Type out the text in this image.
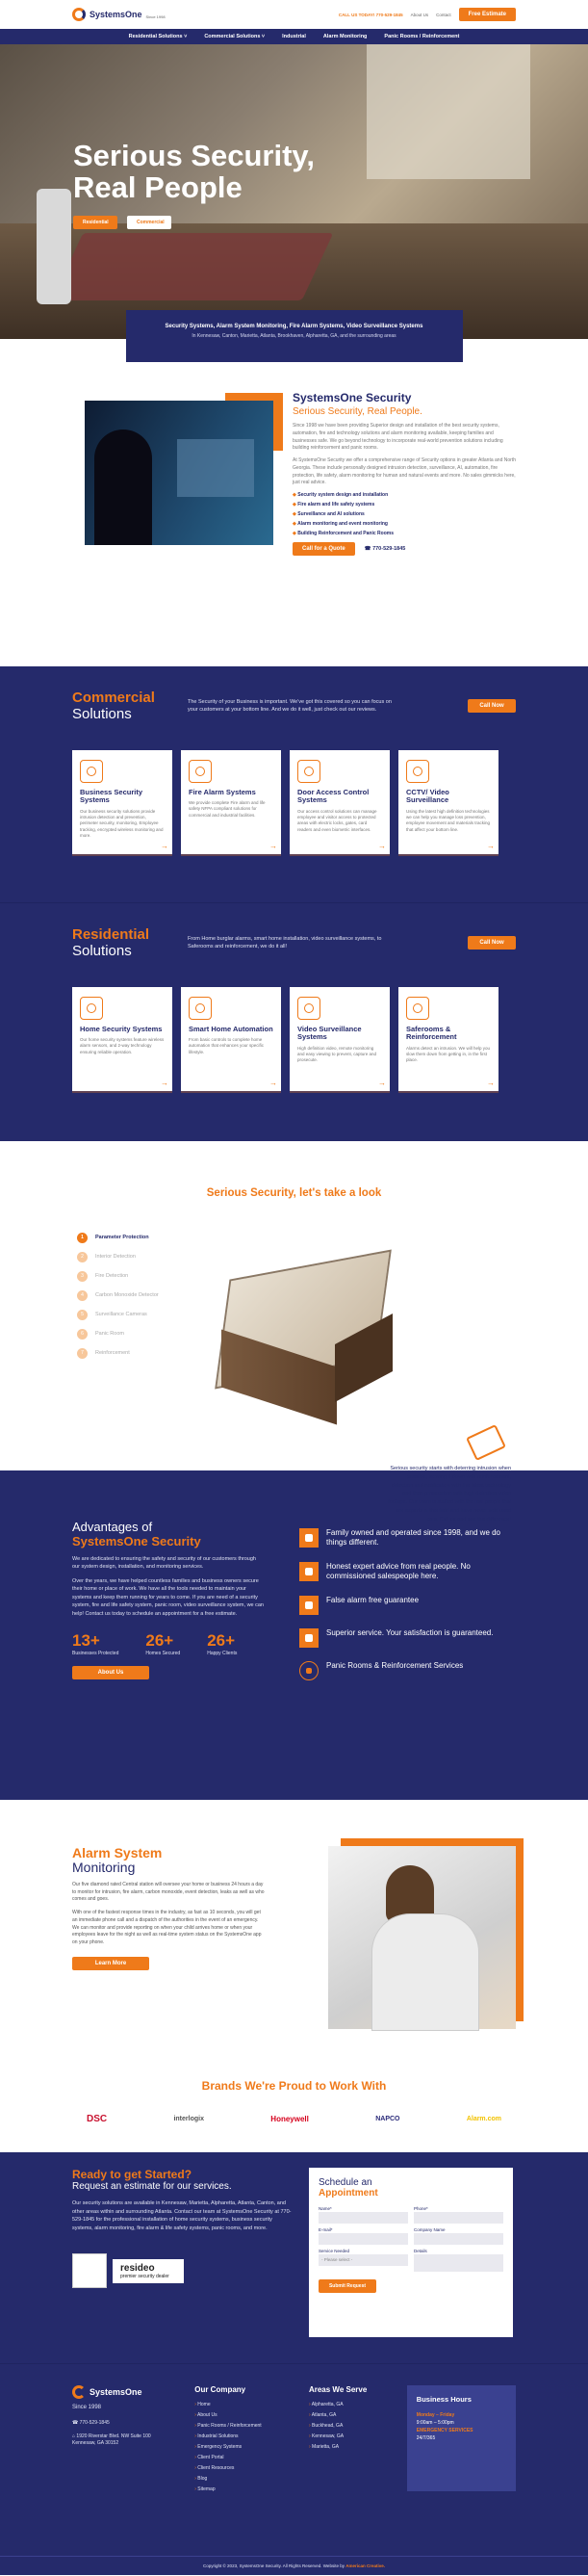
SystemsOne Since 1998	CALL US TODAY! 770-529-1845 About Us Contact	Free Estimate
Residential Solutions ˅	Commercial Solutions ˅	Industrial	Alarm Monitoring	Panic Rooms / Reinforcement
Serious Security,
Real People
Residential	Commercial
Security Systems, Alarm System Monitoring, Fire Alarm Systems, Video Surveillance Systems
In Kennesaw, Canton, Marietta, Atlanta, Brookhaven, Alpharetta, GA, and the surrounding areas
SystemsOne Security
Serious Security, Real People.

Since 1998 we have been providing Superior design and installation of the best security systems, automation, fire and technology solutions and alarm monitoring available, keeping families and businesses safe. We go beyond technology to incorporate real-world prevention solutions including building reinforcement and panic rooms.

At SystemsOne Security we offer a comprehensive range of Security options in greater Atlanta and North Georgia. These include personally designed intrusion detection, surveillance, AI, automation, fire protection, life safety, alarm monitoring for human and natural events and more. No sales gimmicks here, just real advice.

◆ Security system design and installation
◆ Fire alarm and life safety systems
◆ Surveillance and AI solutions
◆ Alarm monitoring and event monitoring
◆ Building Reinforcement and Panic Rooms
Call for a Quote	☎ 770-529-1845
Commercial
Solutions

The Security of your Business is important. We've got this covered so you can focus on your customers at your bottom line. And we do it well, just check out our reviews.

Call Now
Business Security Systems

Our business security solutions provide intrusion detection and prevention, perimeter security, monitoring, Employee tracking, encrypted wireless monitoring and more.

→
Fire Alarm Systems

We provide complete Fire alarm and life safety NFPA compliant solutions for commercial and industrial facilities.

→
Door Access Control Systems

Our access control solutions can manage employee and visitor access to protected areas with electric locks, gates, card readers and even biometric interfaces.

→
CCTV/ Video Surveillance

Using the latest high definition technologies we can help you manage loss prevention, employee movement and materials tracking that affect your bottom line.

→
Residential
Solutions

From Home burglar alarms, smart home installation, video surveillance systems, to Saferooms and reinforcement, we do it all!

Call Now
Home Security Systems

Our home security systems feature wireless alarm sensors, and 2-way technology ensuring reliable operation.

→
Smart Home Automation

From basic controls to complete home automation that enhances your specific lifestyle.

→
Video Surveillance Systems

High definition video, remote monitoring and easy viewing to prevent, capture and prosecute.

→
Saferooms & Reinforcement

Alarms detect an intrusion. We will help you slow them down from getting in, in the first place.

→
Serious Security, let's take a look
1	Parameter Protection
2	Interior Detection
3	Fire Detection
4	Carbon Monoxide Detector
5	Surveillance Cameras
6	Panic Room
7	Reinforcement

Serious security starts with deterring intrusion when possible, slowing it down with reinforcement, detection and notification with the latest technology and then prosecution with high definition video footage. Our team is staffed with the real people that are experts in this field and have never sold used cars. Call us and see the difference!

Advantages of
SystemsOne Security

We are dedicated to ensuring the safety and security of our customers through our system design, installation, and monitoring services.

Over the years, we have helped countless families and business owners secure their home or place of work. We have all the tools needed to maintain your systems and keep them running for years to come. If you are need of a security system, fire and life safety system, panic room, video surveillance system, we can help! Contact us today to schedule an appointment for a free estimate.

13+
Businesses Protected
26+
Homes Secured
26+
Happy Clients
About Us
Family owned and operated since 1998, and we do things different.
Honest expert advice from real people. No commissioned salespeople here.
False alarm free guarantee
Superior service. Your satisfaction is guaranteed.
Panic Rooms & Reinforcement Services
Alarm System
Monitoring

Our five diamond rated Central station will oversee your home or business 24 hours a day to monitor for intrusion, fire alarm, carbon monoxide, event detection, leaks as well as who comes and goes.

With one of the fastest response times in the industry, as fast as 10 seconds, you will get an immediate phone call and a dispatch of the authorities in the event of an emergency. We can monitor and provide reporting on when your child arrives home or when your employees leave for the night as well as real-time system status on the SystemsOne app on your phone.

Learn More
Brands We're Proud to Work With
DSC	interlogix	Honeywell	NAPCO	Alarm.com
Ready to get Started?
Request an estimate for our services.

Our security solutions are available in Kennesaw, Marietta, Alpharetta, Atlanta, Canton, and other areas within and surrounding Atlanta. Contact our team at SystemsOne Security at 770-529-1845 for the professional installation of home security systems, business security systems, alarm monitoring, fire alarm & life safety systems, panic rooms, and more.

resideo
premier security dealer
Schedule an
Appointment
Name*	Phone*
E-mail*	Company Name
Service Needed
- Please select -
Details
Submit Request
SystemsOne
Since 1998
☎ 770-529-1845
⌂ 1920 Riverstar Blvd. NW Suite 100 Kennesaw, GA 30152
Our Company
› Home
› About Us
› Panic Rooms / Reinforcement
› Industrial Solutions
› Emergency Systems
› Client Portal
› Client Resources
› Blog
› Sitemap
Areas We Serve
› Alpharetta, GA
› Atlanta, GA
› Buckhead, GA
› Kennesaw, GA
› Marietta, GA
Business Hours
Monday – Friday
9:00am – 5:00pm
EMERGENCY SERVICES
24/7/365
Copyright © 2023, SystemsOne Security. All Rights Reserved. Website by American Creative.
